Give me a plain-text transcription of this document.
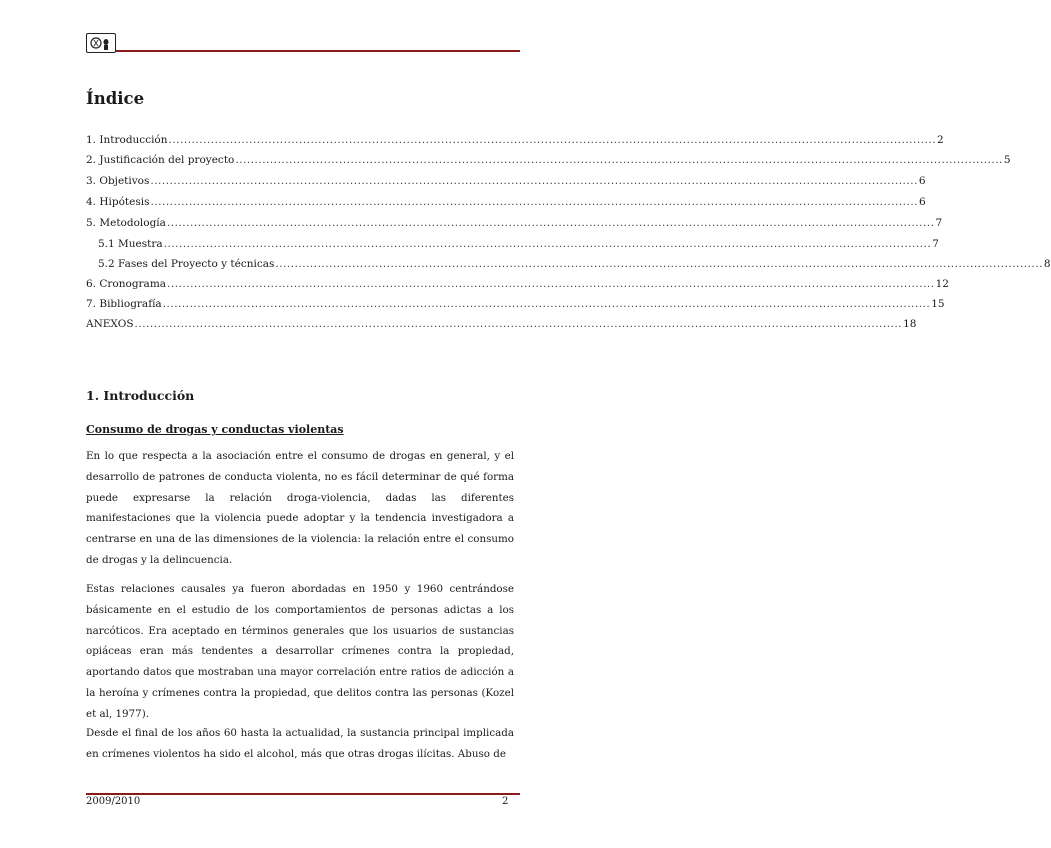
Índice
1. Introducción ........................................................................................................................................................................................................ 2
2. Justificación del proyecto ........................................................................................................................................................................................................ 5
3. Objetivos ........................................................................................................................................................................................................ 6
4. Hipótesis ........................................................................................................................................................................................................ 6
5. Metodología ........................................................................................................................................................................................................ 7
5.1 Muestra ........................................................................................................................................................................................................ 7
5.2 Fases del Proyecto y técnicas ........................................................................................................................................................................................................ 8
6. Cronograma ........................................................................................................................................................................................................ 12
7. Bibliografía ........................................................................................................................................................................................................ 15
ANEXOS ........................................................................................................................................................................................................ 18
1. Introducción
Consumo de drogas y conductas violentas

En lo que respecta a la asociación entre el consumo de drogas en general, y el desarrollo de patrones de conducta violenta, no es fácil determinar de qué forma puede expresarse la relación droga-violencia, dadas las diferentes manifestaciones que la violencia puede adoptar y la tendencia investigadora a centrarse en una de las dimensiones de la violencia: la relación entre el consumo de drogas y la delincuencia.

Estas relaciones causales ya fueron abordadas en 1950 y 1960 centrándose básicamente en el estudio de los comportamientos de personas adictas a los narcóticos. Era aceptado en términos generales que los usuarios de sustancias opiáceas eran más tendentes a desarrollar crímenes contra la propiedad, aportando datos que mostraban una mayor correlación entre ratios de adicción a la heroína y crímenes contra la propiedad, que delitos contra las personas (Kozel et al, 1977).

Desde el final de los años 60 hasta la actualidad, la sustancia principal implicada en crímenes violentos ha sido el alcohol, más que otras drogas ilícitas. Abuso de

2009/2010	2
